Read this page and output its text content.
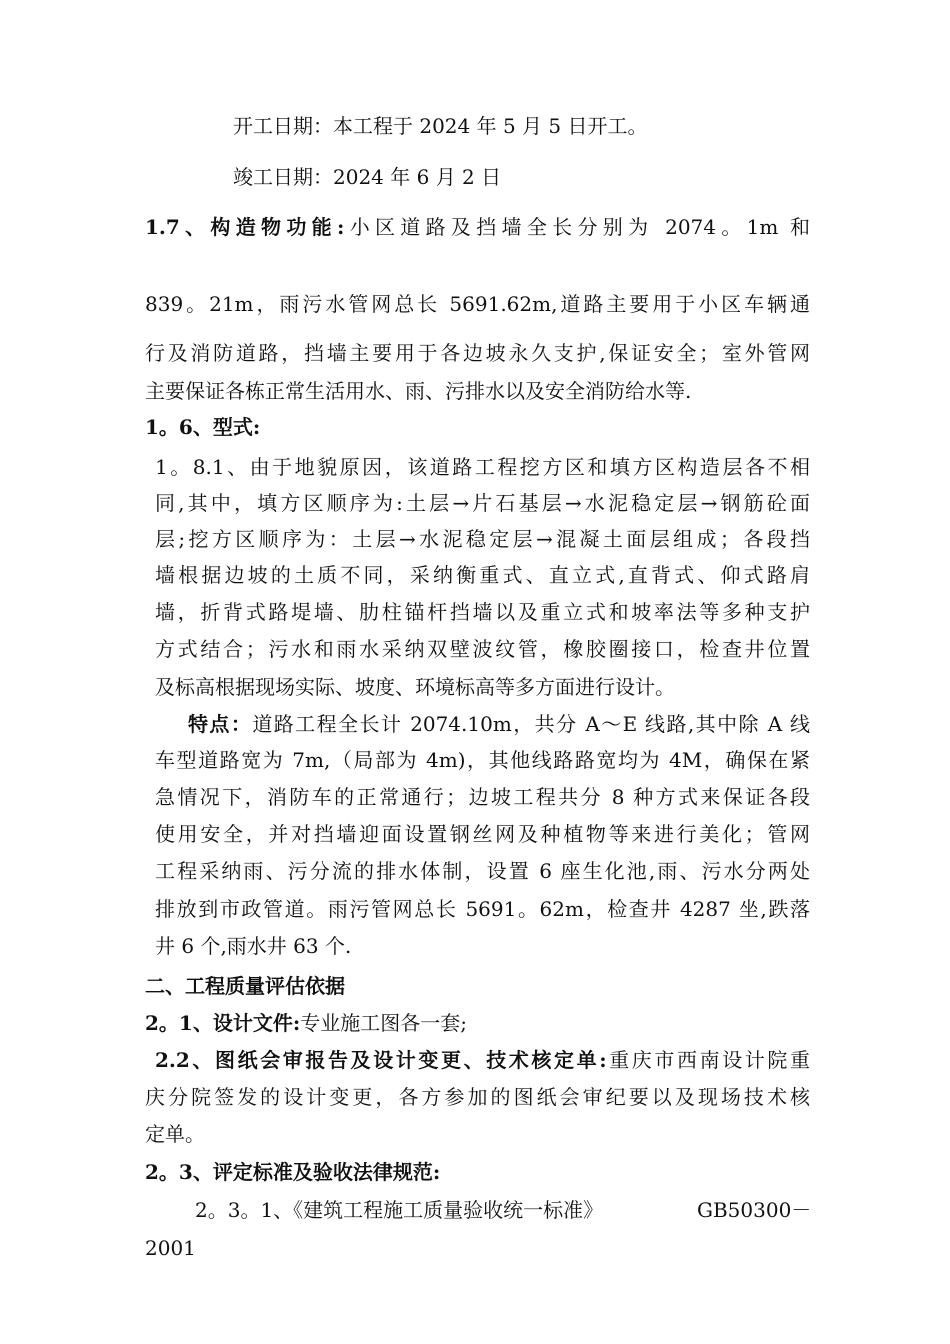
开工日期：本工程于 2024 年 5 月 5 日开工。
竣工日期：2024 年 6 月 2 日
1.7、构造物功能:小区道路及挡墙全长分别为 2074。1m 和
839。21m，雨污水管网总长 5691.62m,道路主要用于小区车辆通
行及消防道路，挡墙主要用于各边坡永久支护,保证安全；室外管网
主要保证各栋正常生活用水、雨、污排水以及安全消防给水等.
1。6、型式:
1。8.1、由于地貌原因，该道路工程挖方区和填方区构造层各不相
同,其中，填方区顺序为:土层→片石基层→水泥稳定层→钢筋砼面
层;挖方区顺序为：土层→水泥稳定层→混凝土面层组成；各段挡
墙根据边坡的土质不同，采纳衡重式、直立式,直背式、仰式路肩
墙，折背式路堤墙、肋柱锚杆挡墙以及重立式和坡率法等多种支护
方式结合；污水和雨水采纳双壁波纹管，橡胶圈接口，检查井位置
及标高根据现场实际、坡度、环境标高等多方面进行设计。
特点：道路工程全长计 2074.10m，共分 A～E 线路,其中除 A 线
车型道路宽为 7m,（局部为 4m)，其他线路路宽均为 4M，确保在紧
急情况下，消防车的正常通行；边坡工程共分 8 种方式来保证各段
使用安全，并对挡墙迎面设置钢丝网及种植物等来进行美化；管网
工程采纳雨、污分流的排水体制，设置 6 座生化池,雨、污水分两处
排放到市政管道。雨污管网总长 5691。62m，检查井 4287 坐,跌落
井 6 个,雨水井 63 个.
二、工程质量评估依据
2。1、设计文件:专业施工图各一套;
2.2、图纸会审报告及设计变更、技术核定单:重庆市西南设计院重
庆分院签发的设计变更，各方参加的图纸会审纪要以及现场技术核
定单。
2。3、评定标准及验收法律规范:
2。3。1、《建筑工程施工质量验收统一标准》	GB50300－
2001
